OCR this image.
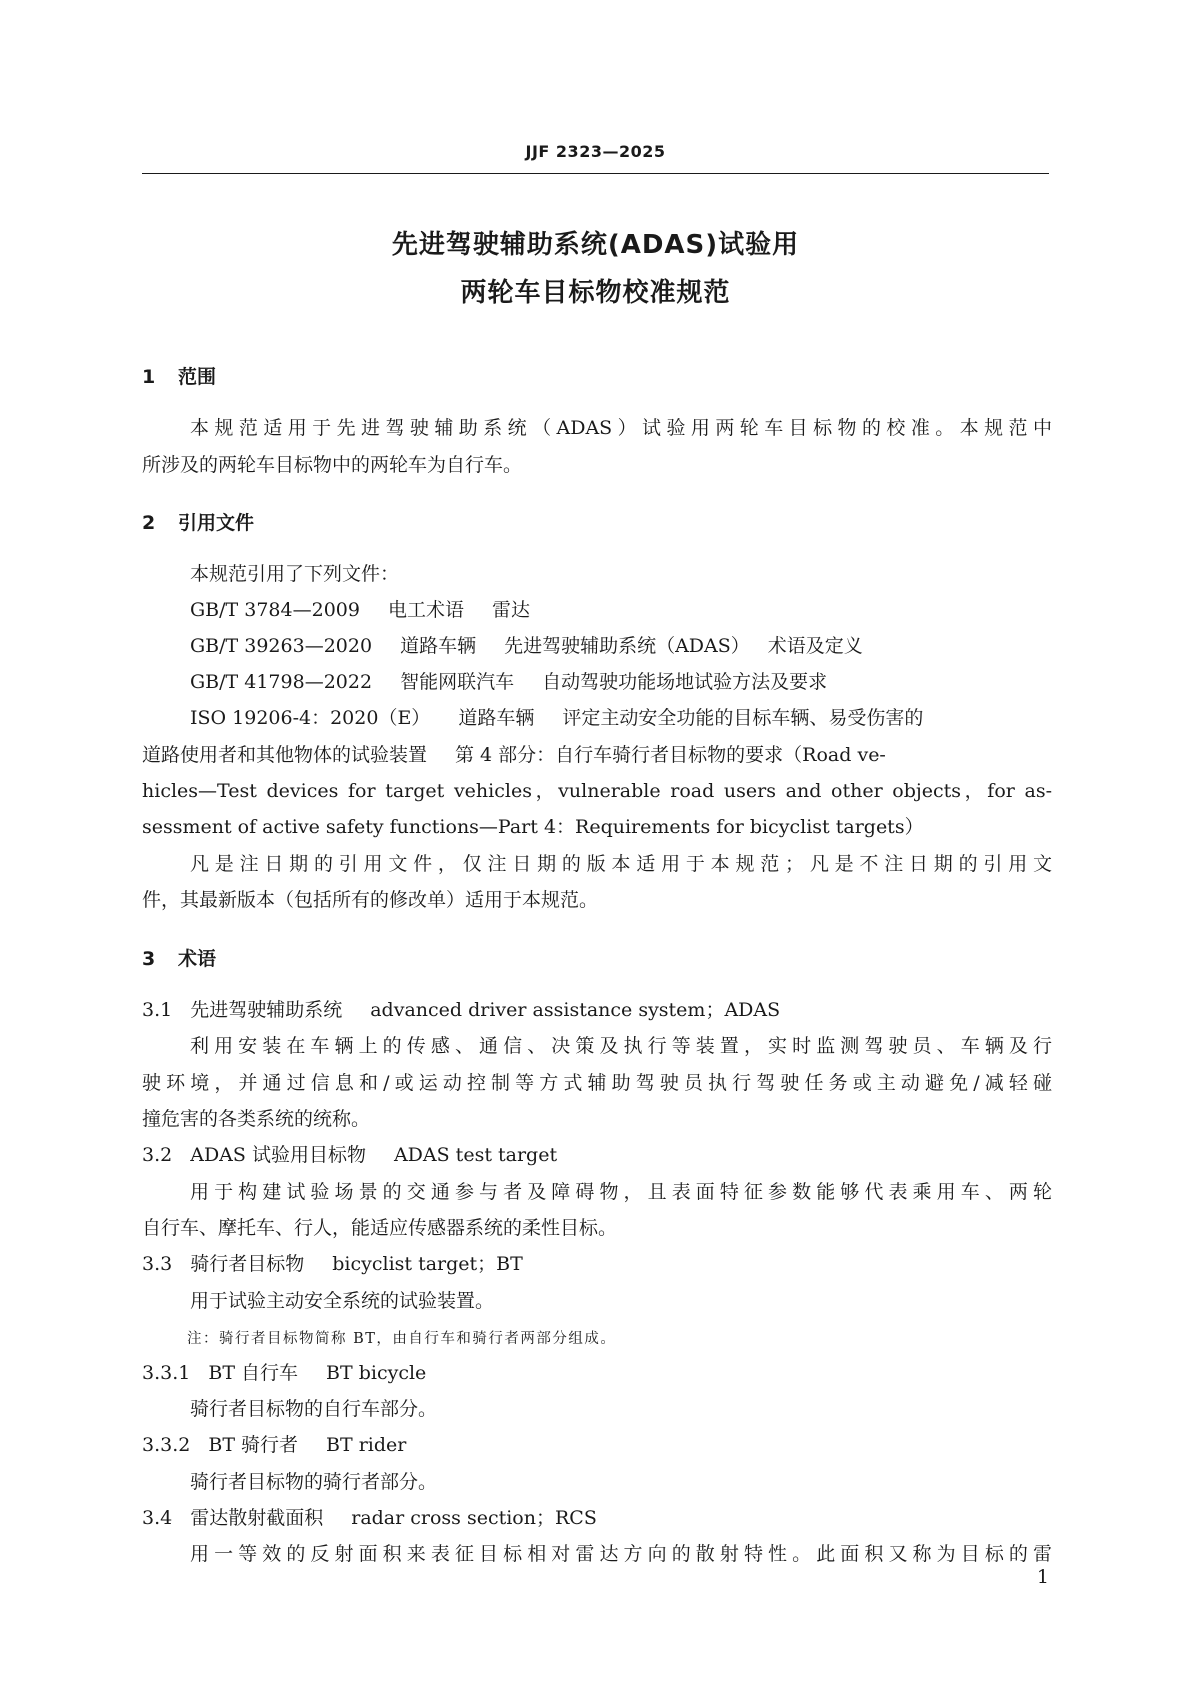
JJF 2323—2025
先进驾驶辅助系统(ADAS)试验用
两轮车目标物校准规范
1 范围
本规范适用于先进驾驶辅助系统（ADAS）试验用两轮车目标物的校准。本规范中
所涉及的两轮车目标物中的两轮车为自行车。
2 引用文件
本规范引用了下列文件：
GB/T 3784—2009 电工术语 雷达
GB/T 39263—2020 道路车辆 先进驾驶辅助系统（ADAS） 术语及定义
GB/T 41798—2022 智能网联汽车 自动驾驶功能场地试验方法及要求
ISO 19206-4：2020（E） 道路车辆 评定主动安全功能的目标车辆、易受伤害的
道路使用者和其他物体的试验装置 第 4 部分：自行车骑行者目标物的要求（Road ve-
hicles—Test devices for target vehicles，vulnerable road users and other objects，for as-
sessment of active safety functions—Part 4：Requirements for bicyclist targets）
凡是注日期的引用文件，仅注日期的版本适用于本规范；凡是不注日期的引用文
件，其最新版本（包括所有的修改单）适用于本规范。
3 术语
3.1 先进驾驶辅助系统 advanced driver assistance system；ADAS
利用安装在车辆上的传感、通信、决策及执行等装置，实时监测驾驶员、车辆及行
驶环境，并通过信息和/或运动控制等方式辅助驾驶员执行驾驶任务或主动避免/减轻碰
撞危害的各类系统的统称。
3.2 ADAS 试验用目标物 ADAS test target
用于构建试验场景的交通参与者及障碍物，且表面特征参数能够代表乘用车、两轮
自行车、摩托车、行人，能适应传感器系统的柔性目标。
3.3 骑行者目标物 bicyclist target；BT
用于试验主动安全系统的试验装置。
注：骑行者目标物简称 BT，由自行车和骑行者两部分组成。
3.3.1 BT 自行车 BT bicycle
骑行者目标物的自行车部分。
3.3.2 BT 骑行者 BT rider
骑行者目标物的骑行者部分。
3.4 雷达散射截面积 radar cross section；RCS
用一等效的反射面积来表征目标相对雷达方向的散射特性。此面积又称为目标的雷
1
